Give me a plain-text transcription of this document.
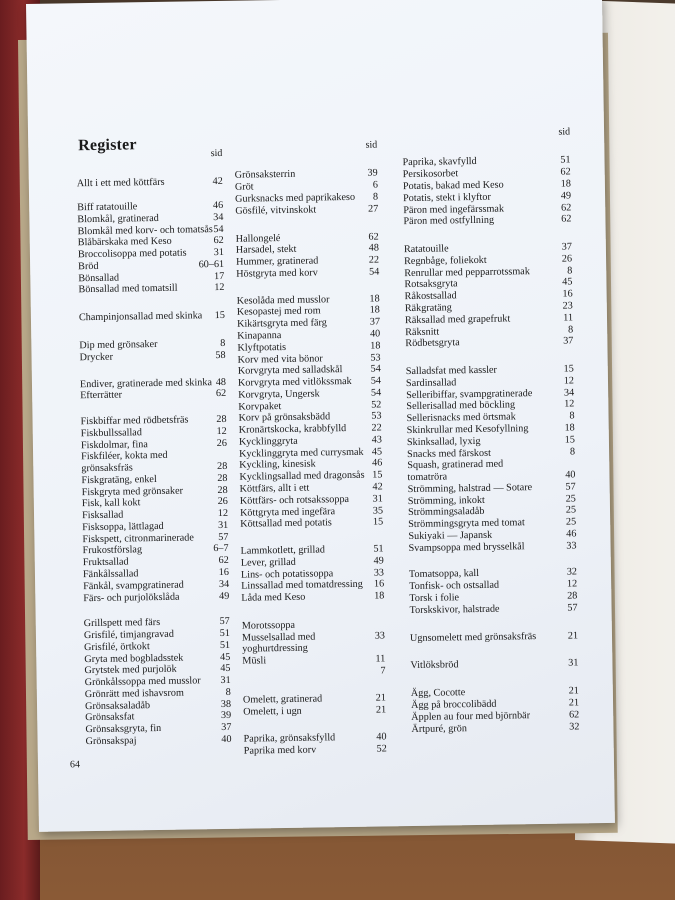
Register	sid
Allt i ett med köttfärs	42
Biff ratatouille	46
Blomkål, gratinerad	34
Blomkål med korv- och tomatsås 54
Blåbärskaka med Keso	62
Broccolisoppa med potatis	31
Bröd	60–61
Bönsallad	17
Bönsallad med tomatsill	12
Champinjonsallad med skinka 15
Dip med grönsaker	8
Drycker	58
Endiver, gratinerade med skinka 48
Efterrätter	62
Fiskbiffar med rödbetsfräs	28
Fiskbullssallad	12
Fiskdolmar, fina	26
Fiskfiléer, kokta med
grönsaksfräs	28
Fiskgratäng, enkel	28
Fiskgryta med grönsaker	28
Fisk, kall kokt	26
Fisksallad	12
Fisksoppa, lättlagad	31
Fiskspett, citronmarinerade 57
Frukostförslag	6–7
Fruktsallad	62
Fänkålssallad	16
Fänkål, svampgratinerad	34
Färs- och purjolökslåda	49
Grillspett med färs	57
Grisfilé, timjangravad	51
Grisfilé, örtkokt	51
Gryta med bogbladsstek	45
Grytstek med purjolök	45
Grönkålssoppa med musslor 31
Grönrätt med ishavsrom	8
Grönsaksaladåb	38
Grönsaksfat	39
Grönsaksgryta, fin	37
Grönsakspaj	40
sid
Grönsaksterrin	39
Gröt	6
Gurksnacks med paprikakeso 8
Gösfilé, vitvinskokt	27
Hallongelé	62
Harsadel, stekt	48
Hummer, gratinerad	22
Höstgryta med korv	54
Kesolåda med musslor	18
Kesopastej med rom	18
Kikärtsgryta med färg	37
Kinapanna	40
Klyftpotatis	18
Korv med vita bönor	53
Korvgryta med salladskål	54
Korvgryta med vitlökssmak 54
Korvgryta, Ungersk	54
Korvpaket	52
Korv på grönsaksbädd	53
Kronärtskocka, krabbfylld 22
Kycklinggryta	43
Kycklinggryta med currysmak 45
Kyckling, kinesisk	46
Kycklingsallad med dragonsås 15
Köttfärs, allt i ett	42
Köttfärs- och rotsakssoppa 31
Köttgryta med ingefära	35
Köttsallad med potatis	15
Lammkotlett, grillad	51
Lever, grillad	49
Lins- och potatissoppa	33
Linssallad med tomatdressing 16
Låda med Keso	18
Morotssoppa
Musselsallad med	33
yoghurtdressing
Müsli	11
7
Omelett, gratinerad	21
Omelett, i ugn	21
Paprika, grönsaksfylld	40
Paprika med korv	52
sid
Paprika, skavfylld	51
Persikosorbet	62
Potatis, bakad med Keso	18
Potatis, stekt i klyftor	49
Päron med ingefärssmak	62
Päron med ostfyllning	62
Ratatouille	37
Regnbåge, foliekokt	26
Renrullar med pepparrotssmak	8
Rotsaksgryta	45
Råkostsallad	16
Räkgratäng	23
Räksallad med grapefrukt	11
Räksnitt	8
Rödbetsgryta	37
Salladsfat med kassler	15
Sardinsallad	12
Selleribiffar, svampgratinerade	34
Sellerisallad med böckling	12
Sellerisnacks med örtsmak	8
Skinkrullar med Kesofyllning	18
Skinksallad, lyxig	15
Snacks med färskost	8
Squash, gratinerad med
tomatröra	40
Strömming, halstrad — Sotare	57
Strömming, inkokt	25
Strömmingsaladåb	25
Strömmingsgryta med tomat	25
Sukiyaki — Japansk	46
Svampsoppa med brysselkål	33
Tomatsoppa, kall	32
Tonfisk- och ostsallad	12
Torsk i folie	28
Torskskivor, halstrade	57
Ugnsomelett med grönsaksfräs	21
Vitlöksbröd	31
Ägg, Cocotte	21
Ägg på broccolibädd	21
Äpplen au four med björnbär	62
Ärtpuré, grön	32
64
